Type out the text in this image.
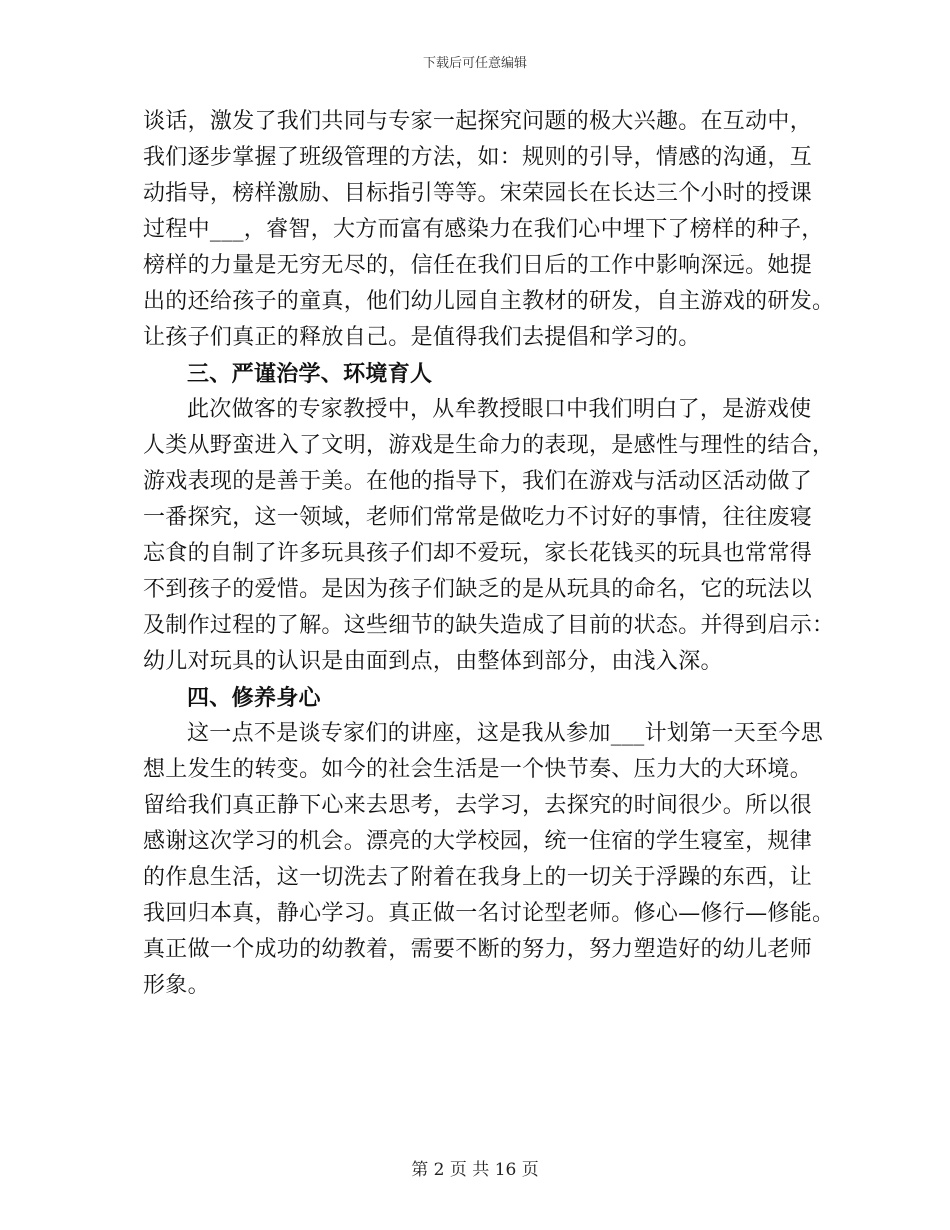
下载后可任意编辑
谈话，激发了我们共同与专家一起探究问题的极大兴趣。在互动中，
我们逐步掌握了班级管理的方法，如：规则的引导，情感的沟通，互
动指导，榜样激励、目标指引等等。宋荣园长在长达三个小时的授课
过程中___，睿智，大方而富有感染力在我们心中埋下了榜样的种子，
榜样的力量是无穷无尽的，信任在我们日后的工作中影响深远。她提
出的还给孩子的童真，他们幼儿园自主教材的研发，自主游戏的研发。
让孩子们真正的释放自己。是值得我们去提倡和学习的。
三、严谨治学、环境育人
此次做客的专家教授中，从牟教授眼口中我们明白了，是游戏使
人类从野蛮进入了文明，游戏是生命力的表现，是感性与理性的结合，
游戏表现的是善于美。在他的指导下，我们在游戏与活动区活动做了
一番探究，这一领域，老师们常常是做吃力不讨好的事情，往往废寝
忘食的自制了许多玩具孩子们却不爱玩，家长花钱买的玩具也常常得
不到孩子的爱惜。是因为孩子们缺乏的是从玩具的命名，它的玩法以
及制作过程的了解。这些细节的缺失造成了目前的状态。并得到启示：
幼儿对玩具的认识是由面到点，由整体到部分，由浅入深。
四、修养身心
这一点不是谈专家们的讲座，这是我从参加___计划第一天至今思
想上发生的转变。如今的社会生活是一个快节奏、压力大的大环境。
留给我们真正静下心来去思考，去学习，去探究的时间很少。所以很
感谢这次学习的机会。漂亮的大学校园，统一住宿的学生寝室，规律
的作息生活，这一切洗去了附着在我身上的一切关于浮躁的东西，让
我回归本真，静心学习。真正做一名讨论型老师。修心—修行—修能。
真正做一个成功的幼教着，需要不断的努力，努力塑造好的幼儿老师
形象。
第 2 页 共 16 页
